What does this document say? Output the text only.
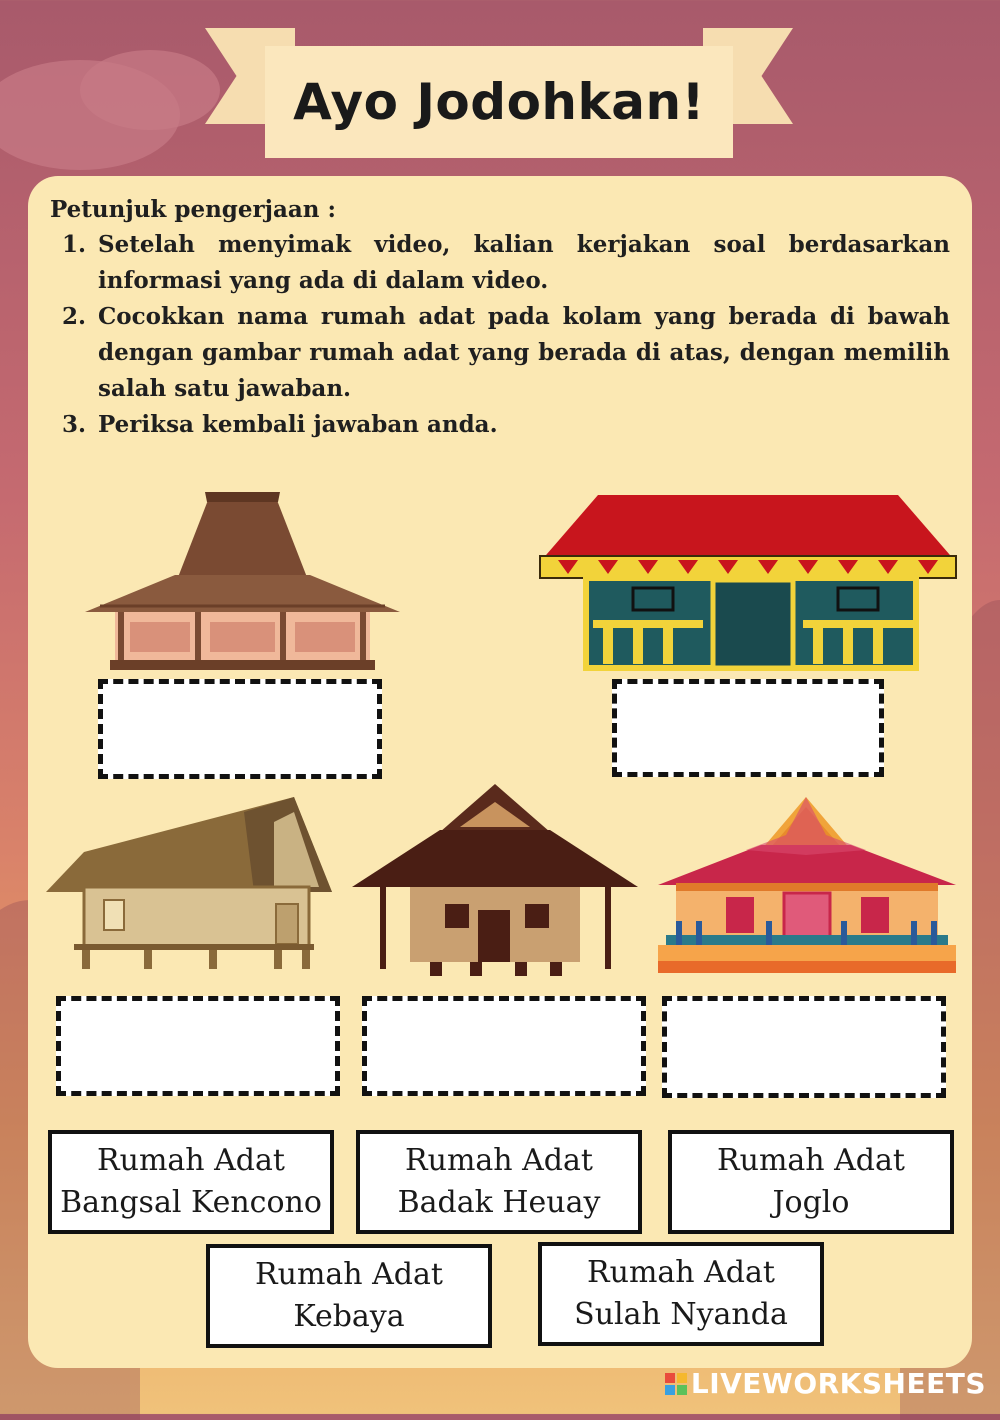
Ayo Jodohkan!
Petunjuk pengerjaan :
1. Setelah menyimak video, kalian kerjakan soal berdasarkan informasi yang ada di dalam video.
2. Cocokkan nama rumah adat pada kolam yang berada di bawah dengan gambar rumah adat yang berada di atas, dengan memilih salah satu jawaban.
3. Periksa kembali jawaban anda.
Rumah Adat
Bangsal Kencono
Rumah Adat
Badak Heuay
Rumah Adat
Joglo
Rumah Adat
Kebaya
Rumah Adat
Sulah Nyanda
LIVEWORKSHEETS
